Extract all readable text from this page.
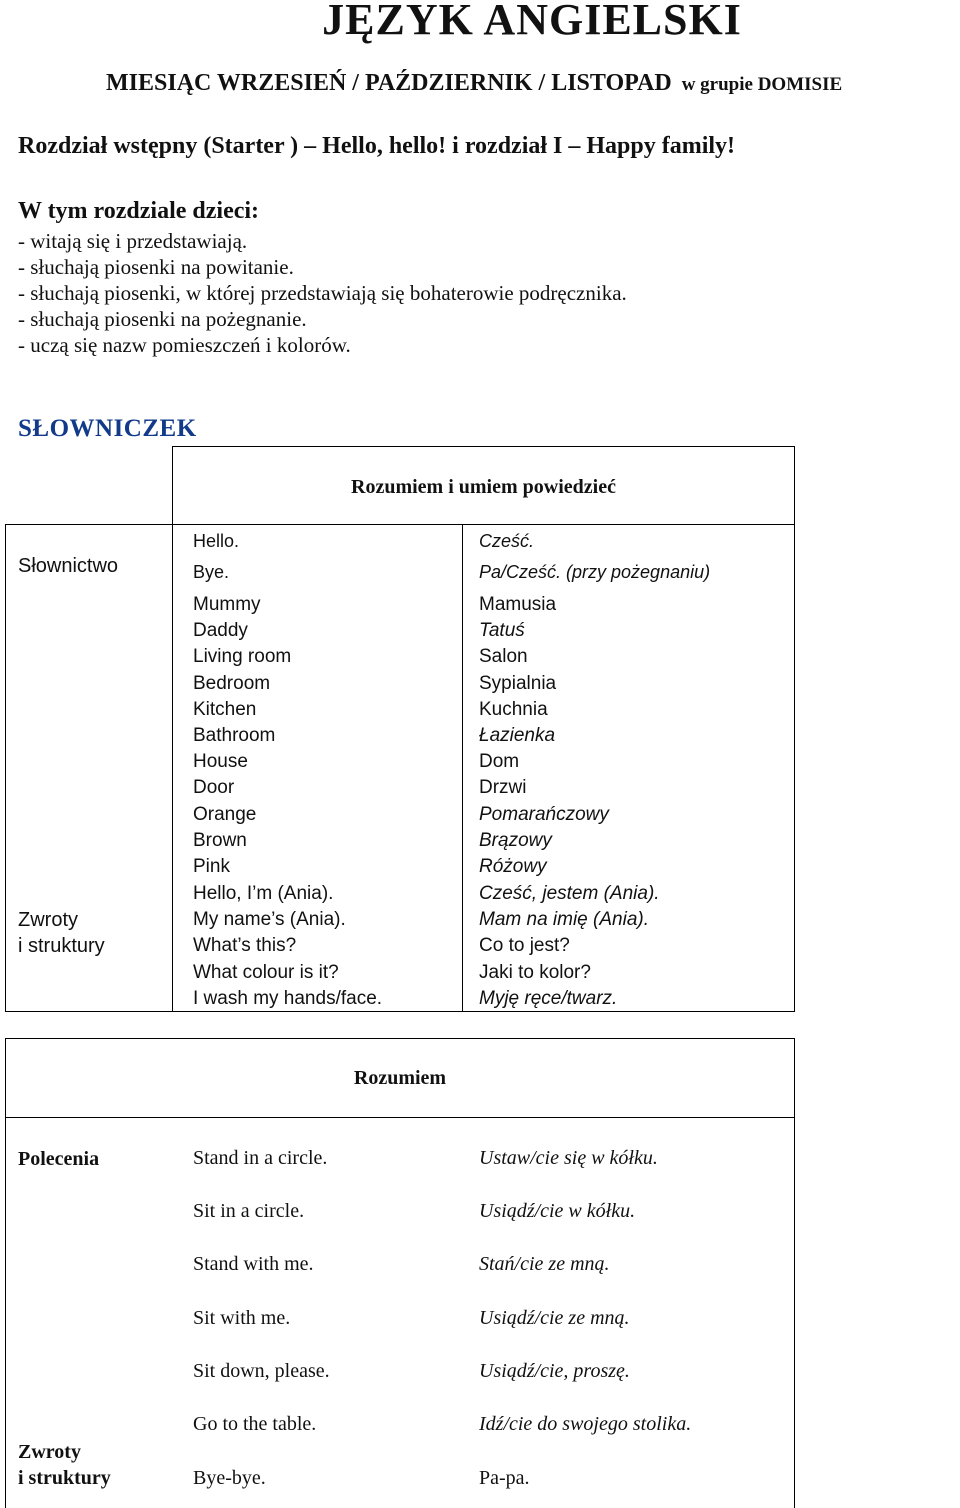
JĘZYK ANGIELSKI
MIESIĄC WRZESIEŃ / PAŹDZIERNIK / LISTOPAD w grupie DOMISIE
Rozdział wstępny (Starter ) – Hello, hello! i rozdział I – Happy family!
W tym rozdziale dzieci:
- witają się i przedstawiają.
- słuchają piosenki na powitanie.
- słuchają piosenki, w której przedstawiają się bohaterowie podręcznika.
- słuchają piosenki na pożegnanie.
- uczą się nazw pomieszczeń i kolorów.
SŁOWNICZEK
Rozumiem i umiem powiedzieć
Słownictwo
Zwroty
i struktury
Hello.	Cześć.
Bye.	Pa/Cześć. (przy pożegnaniu)
Mummy
Daddy
Living room
Bedroom
Kitchen
Bathroom
House
Door
Orange
Brown
Pink
Mamusia
Tatuś
Salon
Sypialnia
Kuchnia
Łazienka
Dom
Drzwi
Pomarańczowy
Brązowy
Różowy
Hello, I’m (Ania).
My name’s (Ania).
What’s this?
What colour is it?
I wash my hands/face.
Cześć, jestem (Ania).
Mam na imię (Ania).
Co to jest?
Jaki to kolor?
Myję ręce/twarz.
Rozumiem
Polecenia
Zwroty
i struktury
Stand in a circle.
Sit in a circle.
Stand with me.
Sit with me.
Sit down, please.
Go to the table.
Bye-bye.
Ustaw/cie się w kółku.
Usiądź/cie w kółku.
Stań/cie ze mną.
Usiądź/cie ze mną.
Usiądź/cie, proszę.
Idź/cie do swojego stolika.
Pa-pa.
